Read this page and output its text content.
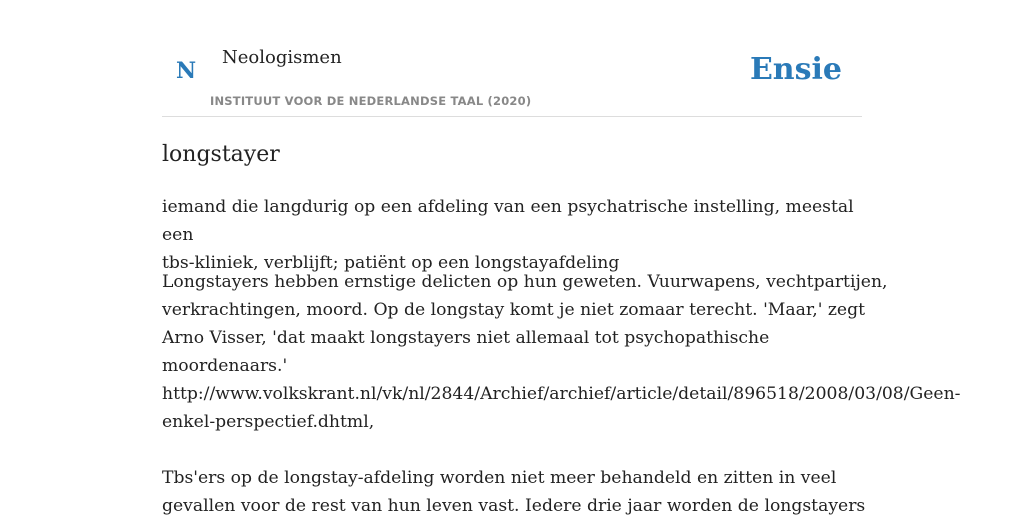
N
Neologismen
INSTITUUT VOOR DE NEDERLANDSE TAAL (2020)
Ensie
longstayer
iemand die langdurig op een afdeling van een psychatrische instelling, meestal een
tbs-kliniek, verblijft; patiënt op een longstayafdeling
Longstayers hebben ernstige delicten op hun geweten. Vuurwapens, vechtpartijen,
verkrachtingen, moord. Op de longstay komt je niet zomaar terecht. 'Maar,' zegt
Arno Visser, 'dat maakt longstayers niet allemaal tot psychopathische
moordenaars.'
http://www.volkskrant.nl/vk/nl/2844/Archief/archief/article/detail/896518/2008/03/08/Geen-
enkel-perspectief.dhtml,
Tbs'ers op de longstay-afdeling worden niet meer behandeld en zitten in veel
gevallen voor de rest van hun leven vast. Iedere drie jaar worden de longstayers
